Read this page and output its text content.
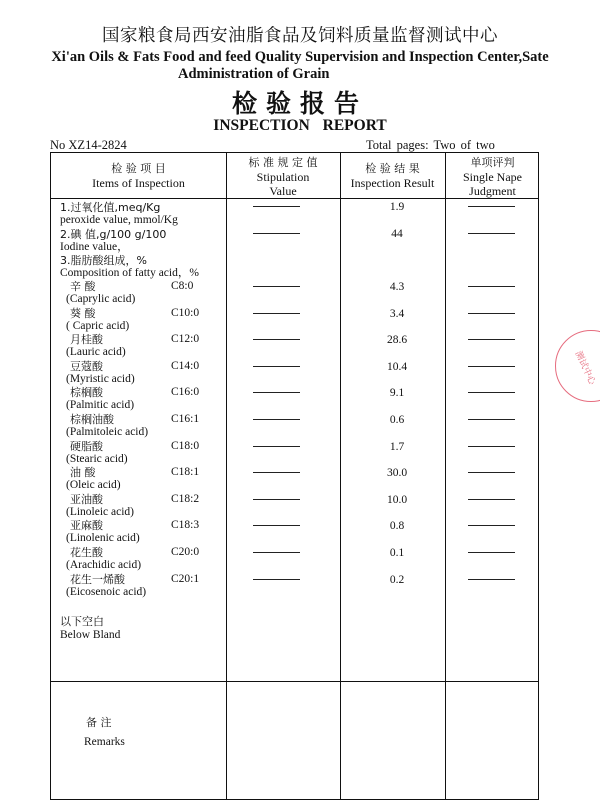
国家粮食局西安油脂食品及饲料质量监督测试中心
Xi'an Oils & Fats Food and feed Quality Supervision and Inspection Center,Sate
Administration of Grain
检验报告
INSPECTION REPORT
No XZ14-2824	Total pages: Two of two
检 验 项 目
Items of Inspection
标 准 规 定 值
Stipulation
Value
检 验 结 果
Inspection Result
单项评判
Single Nape
Judgment
1.过氧化值,meq/Kg
peroxide value, mmol/Kg
1.9
2.碘 值,g/100 g/100
Iodine value，
44
3.脂肪酸组成，%
Composition of fatty acid，%
辛 酸	C8:0
(Caprylic acid)
4.3
葵 酸	C10:0
( Capric acid)
3.4
月桂酸	C12:0
(Lauric acid)
28.6
豆蔻酸	C14:0
(Myristic acid)
10.4
棕榈酸	C16:0
(Palmitic acid)
9.1
棕榈油酸	C16:1
(Palmitoleic acid)
0.6
硬脂酸	C18:0
(Stearic acid)
1.7
油 酸	C18:1
(Oleic acid)
30.0
亚油酸	C18:2
(Linoleic acid)
10.0
亚麻酸	C18:3
(Linolenic acid)
0.8
花生酸	C20:0
(Arachidic acid)
0.1
花生一烯酸	C20:1
(Eicosenoic acid)
0.2
以下空白
Below Bland
备 注
Remarks
测试中心
